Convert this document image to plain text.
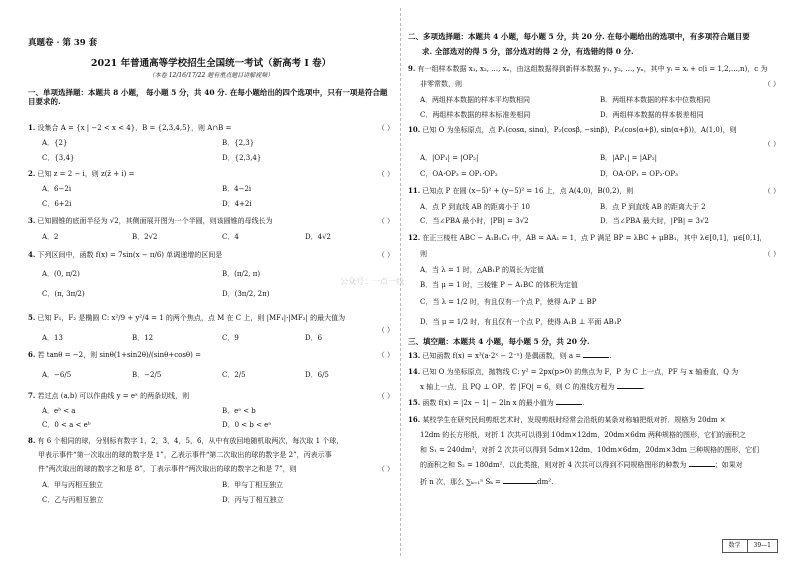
真题卷 · 第 39 套
2021 年普通高等学校招生全国统一考试（新高考 I 卷）
（本卷 12/16/17/22 题有重点题目讲解视频）
一、单项选择题：本题共 8 小题， 每小题 5 分，共 40 分. 在每小题给出的四个选项中，只有一项是符合题目要求的.
1. 设集合 A = {x | −2 < x < 4}，B = {2,3,4,5}，则 A∩B =	（ ）
A．{2}	B．{2,3}
C．{3,4}	D．{2,3,4}
2. 已知 z = 2 − i，则 z(z̄ + i) =	（ ）
A．6−2i	B．4−2i
C．6+2i	D．4+2i
3. 已知圆锥的底面半径为 √2，其侧面展开图为一个半圆，则该圆锥的母线长为	（ ）
A．2	B．2√2	C．4	D．4√2
4. 下列区间中，函数 f(x) = 7sin(x − π/6) 单调递增的区间是	（ ）
A．(0, π/2)	B．(π/2, π)
C．(π, 3π/2)	D．(3π/2, 2π)
5. 已知 F₁，F₂ 是椭圆 C: x²/9 + y²/4 = 1 的两个焦点，点 M 在 C 上，则 |MF₁|·|MF₂| 的最大值为
（ ）
A．13	B．12	C．9	D．6
6. 若 tanθ = −2，则 sinθ(1+sin2θ)/(sinθ+cosθ) =	（ ）
A．−6/5	B．−2/5	C．2/5	D．6/5
7. 若过点 (a,b) 可以作曲线 y = eˣ 的两条切线，则	（ ）
A．eᵇ < a	B．eᵃ < b
C．0 < a < eᵇ	D．0 < b < eᵃ
8. 有 6 个相同的球，分别标有数字 1，2，3，4，5，6，从中有放回地随机取两次，每次取 1 个球，
甲表示事件“第一次取出的球的数字是 1”，乙表示事件“第二次取出的球的数字是 2”，丙表示事
件“两次取出的球的数字之和是 8”，丁表示事件“两次取出的球的数字之和是 7”，则	（ ）
A．甲与丙相互独立	B．甲与丁相互独立
C．乙与丙相互独立	D．丙与丁相互独立
二、多项选择题：本题共 4 小题，每小题 5 分，共 20 分. 在每小题给出的选项中，有多项符合题目要
求. 全部选对的得 5 分，部分选对的得 2 分，有选错的得 0 分.
9. 有一组样本数据 x₁, x₂, …, xₙ，由这组数据得到新样本数据 y₁, y₂, …, yₙ，其中 yᵢ = xᵢ + c(i = 1,2,…,n)，c 为
非零常数，则	（ ）
A．两组样本数据的样本平均数相同	B．两组样本数据的样本中位数相同
C．两组样本数据的样本标准差相同	D．两组样本数据的样本极差相同
10. 已知 O 为坐标原点，点 P₁(cosα, sinα)，P₂(cosβ, −sinβ)，P₃(cos(α+β), sin(α+β))，A(1,0)，则
（ ）
A．|OP₁| = |OP₂|	B．|AP₁| = |AP₂|
C．OA·OP₃ = OP₁·OP₂	D．OA·OP₁ = OP₂·OP₃
11. 已知点 P 在圆 (x−5)² + (y−5)² = 16 上，点 A(4,0)，B(0,2)，则	（ ）
A．点 P 到直线 AB 的距离小于 10	B．点 P 到直线 AB 的距离大于 2
C．当∠PBA 最小时，|PB| = 3√2	D．当∠PBA 最大时，|PB| = 3√2
12. 在正三棱柱 ABC − A₁B₁C₁ 中，AB = AA₁ = 1，点 P 满足 BP = λBC + μBB₁，其中 λ∈[0,1]，μ∈[0,1]，
则	（ ）
A．当 λ = 1 时，△AB₁P 的周长为定值
B．当 μ = 1 时，三棱锥 P − A₁BC 的体积为定值
C．当 λ = 1/2 时，有且仅有一个点 P，使得 A₁P ⊥ BP
D．当 μ = 1/2 时，有且仅有一个点 P，使得 A₁B ⊥ 平面 AB₁P
三、填空题：本题共 4 小题，每小题 5 分，共 20 分.
13. 已知函数 f(x) = x³(a·2ˣ − 2⁻ˣ) 是偶函数，则 a =	.
14. 已知 O 为坐标原点，抛物线 C: y² = 2px(p>0) 的焦点为 F，P 为 C 上一点，PF 与 x 轴垂直，Q 为
x 轴上一点，且 PQ ⊥ OP．若 |FQ| = 6，则 C 的准线方程为	.
15. 函数 f(x) = |2x − 1| − 2ln x 的最小值为	.
16. 某校学生在研究民间剪纸艺术时，发现剪纸时经常会沿纸的某条对称轴把纸对折．规格为 20dm ×
12dm 的长方形纸，对折 1 次共可以得到 10dm×12dm，20dm×6dm 两种规格的图形，它们的面积之
和 S₁ = 240dm²，对折 2 次共可以得到 5dm×12dm，10dm×6dm，20dm×3dm 三种规格的图形，它们
的面积之和 S₂ = 180dm²．以此类推，则对折 4 次共可以得到不同规格图形的种数为	；如果对
折 n 次，那么 ∑ₖ₌₁ⁿ Sₖ =	dm².
公众号：一点一线
数学	39—1
